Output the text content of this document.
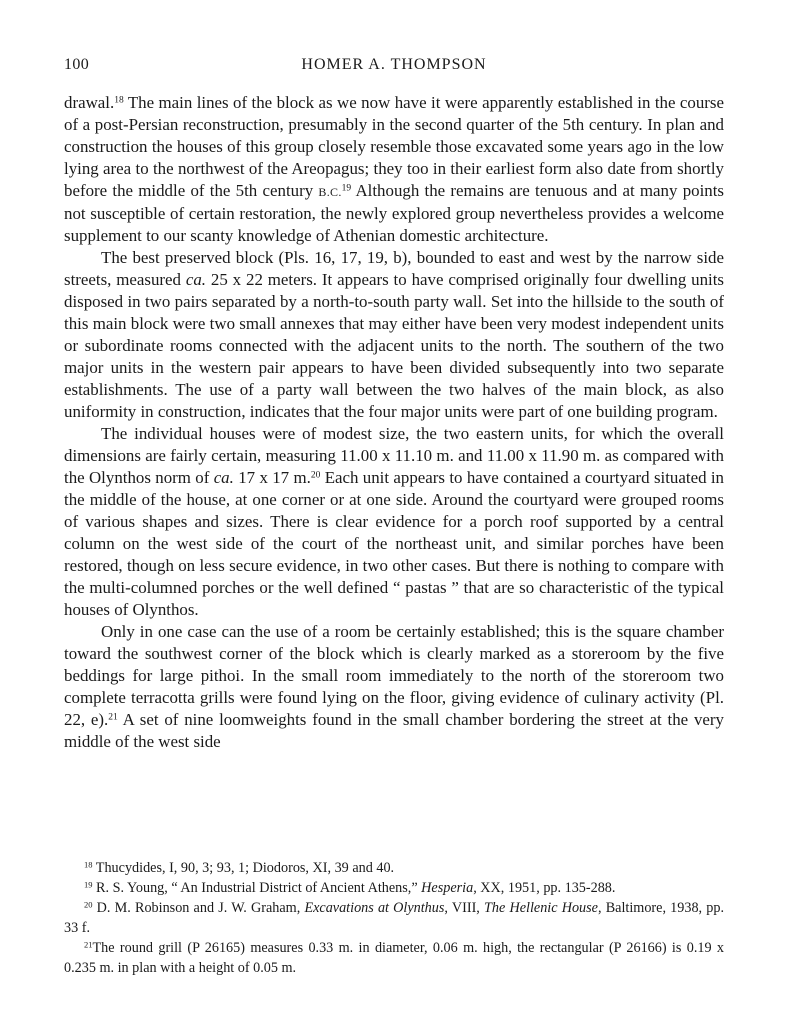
100	HOMER A. THOMPSON

drawal.$^{18}$ The main lines of the block as we now have it were apparently established in the course of a post-Persian reconstruction, presumably in the second quarter of the 5th century. In plan and construction the houses of this group closely resemble those excavated some years ago in the low lying area to the northwest of the Areopagus; they too in their earliest form also date from shortly before the middle of the 5th century B.C.$^{19}$ Although the remains are tenuous and at many points not susceptible of certain restoration, the newly explored group nevertheless provides a welcome supplement to our scanty knowledge of Athenian domestic architecture.

The best preserved block (Pls. 16, 17, 19, b), bounded to east and west by the narrow side streets, measured ca. 25 x 22 meters. It appears to have comprised originally four dwelling units disposed in two pairs separated by a north-to-south party wall. Set into the hillside to the south of this main block were two small annexes that may either have been very modest independent units or subordinate rooms connected with the adjacent units to the north. The southern of the two major units in the western pair appears to have been divided subsequently into two separate establishments. The use of a party wall between the two halves of the main block, as also uniformity in construction, indicates that the four major units were part of one building program.

The individual houses were of modest size, the two eastern units, for which the overall dimensions are fairly certain, measuring 11.00 x 11.10 m. and 11.00 x 11.90 m. as compared with the Olynthos norm of ca. 17 x 17 m.$^{20}$ Each unit appears to have contained a courtyard situated in the middle of the house, at one corner or at one side. Around the courtyard were grouped rooms of various shapes and sizes. There is clear evidence for a porch roof supported by a central column on the west side of the court of the northeast unit, and similar porches have been restored, though on less secure evidence, in two other cases. But there is nothing to compare with the multi-columned porches or the well defined “ pastas ” that are so characteristic of the typical houses of Olynthos.

Only in one case can the use of a room be certainly established; this is the square chamber toward the southwest corner of the block which is clearly marked as a storeroom by the five beddings for large pithoi. In the small room immediately to the north of the storeroom two complete terracotta grills were found lying on the floor, giving evidence of culinary activity (Pl. 22, e).$^{21}$ A set of nine loomweights found in the small chamber bordering the street at the very middle of the west side

$^{18}$ Thucydides, I, 90, 3; 93, 1; Diodoros, XI, 39 and 40.

$^{19}$ R. S. Young, “ An Industrial District of Ancient Athens,” Hesperia, XX, 1951, pp. 135-288.

$^{20}$ D. M. Robinson and J. W. Graham, Excavations at Olynthus, VIII, The Hellenic House, Baltimore, 1938, pp. 33 f.

$^{21}$The round grill (P 26165) measures 0.33 m. in diameter, 0.06 m. high, the rectangular (P 26166) is 0.19 x 0.235 m. in plan with a height of 0.05 m.
